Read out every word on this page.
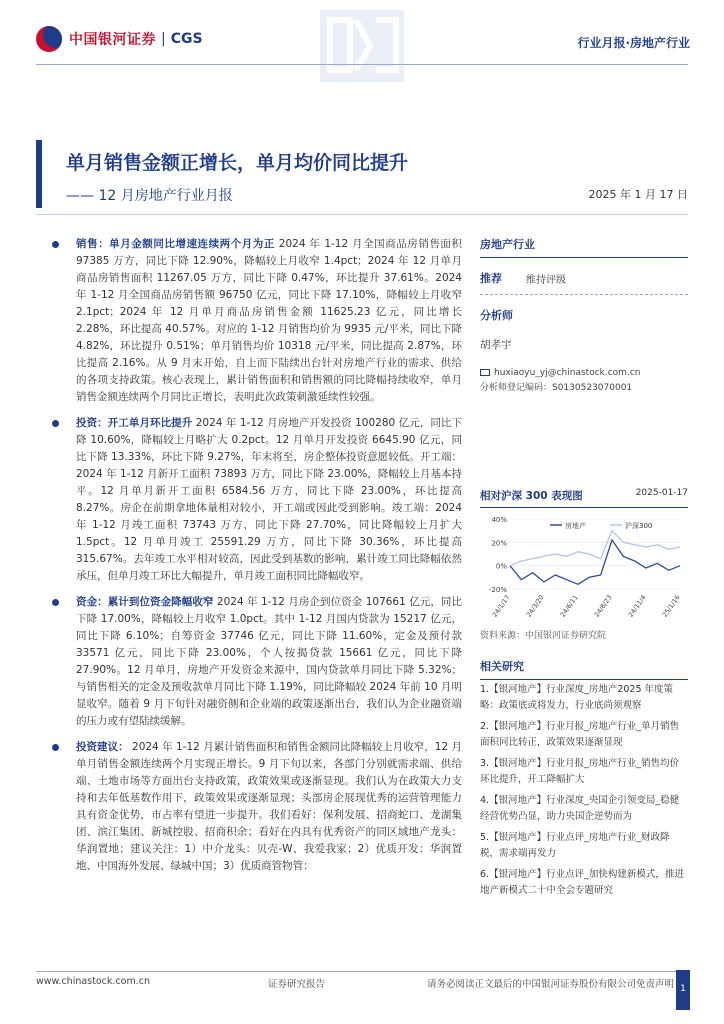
中国银河证券 | CGS	行业月报·房地产行业
单月销售金额正增长，单月均价同比提升
—— 12 月房地产行业月报	2025 年 1 月 17 日
销售：单月金额同比增速连续两个月为正 2024 年 1-12 月全国商品房销售面积 97385 万方，同比下降 12.90%，降幅较上月收窄 1.4pct；2024 年 12 月单月商品房销售面积 11267.05 万方，同比下降 0.47%，环比提升 37.61%。2024 年 1-12 月全国商品房销售额 96750 亿元，同比下降 17.10%，降幅较上月收窄 2.1pct；2024 年 12 月单月商品房销售金额 11625.23 亿元，同比增长 2.28%，环比提高 40.57%。对应的 1-12 月销售均价为 9935 元/平米，同比下降 4.82%，环比提升 0.51%；单月销售均价 10318 元/平米，同比提高 2.87%，环比提高 2.16%。从 9 月末开始，自上而下陆续出台针对房地产行业的需求、供给的各项支持政策。核心表现上，累计销售面积和销售额的同比降幅持续收窄，单月销售金额连续两个月同比正增长，表明此次政策刺激延续性较强。
投资：开工单月环比提升 2024 年 1-12 月房地产开发投资 100280 亿元，同比下降 10.60%，降幅较上月略扩大 0.2pct。12 月单月开发投资 6645.90 亿元，同比下降 13.33%，环比下降 9.27%，年末将至，房企整体投资意愿较低。开工端：2024 年 1-12 月新开工面积 73893 万方，同比下降 23.00%，降幅较上月基本持平。12 月单月新开工面积 6584.56 万方，同比下降 23.00%，环比提高 8.27%。房企在前期拿地体量相对较小，开工端或因此受到影响。竣工端：2024 年 1-12 月竣工面积 73743 万方，同比下降 27.70%，同比降幅较上月扩大 1.5pct。12 月单月竣工 25591.29 万方，同比下降 30.36%，环比提高 315.67%。去年竣工水平相对较高，因此受到基数的影响，累计竣工同比降幅依然承压，但单月竣工环比大幅提升，单月竣工面积同比降幅收窄。
资金：累计到位资金降幅收窄 2024 年 1-12 月房企到位资金 107661 亿元，同比下降 17.00%，降幅较上月收窄 1.0pct。其中 1-12 月国内贷款为 15217 亿元，同比下降 6.10%；自筹资金 37746 亿元，同比下降 11.60%，定金及预付款 33571 亿元，同比下降 23.00%，个人按揭贷款 15661 亿元，同比下降 27.90%。12 月单月，房地产开发资金来源中，国内贷款单月同比下降 5.32%；与销售相关的定金及预收款单月同比下降 1.19%，同比降幅较 2024 年前 10 月明显收窄。随着 9 月下旬针对融资侧和企业端的政策逐渐出台，我们认为企业融资端的压力或有望陆续缓解。
投资建议： 2024 年 1-12 月累计销售面积和销售金额同比降幅较上月收窄，12 月单月销售金额连续两个月实现正增长。9 月下旬以来，各部门分别就需求端、供给端、土地市场等方面出台支持政策，政策效果或逐渐显现。我们认为在政策大力支持和去年低基数作用下，政策效果或逐渐显现；头部房企展现优秀的运营管理能力具有资金优势，市占率有望进一步提升。我们看好：保利发展、招商蛇口、龙湖集团、滨江集团、新城控股、招商积余；看好在内具有优秀资产的同区域地产龙头：华润置地；建议关注：1）中介龙头：贝壳-W、我爱我家；2）优质开发：华润置地、中国海外发展、绿城中国；3）优质商管物管：
房地产行业
推荐	维持评级
分析师
胡孝宇
huxiaoyu_yj@chinastock.com.cn
分析师登记编码：S0130523070001
相对沪深 300 表现图	2025-01-17
40%
20%
0%
-20%
24/1/17 24/3/20 24/6/11 24/8/23 24/11/4 25/1/16
房地产	沪深300
资料来源：中国银河证券研究院
相关研究
1.【银河地产】行业深度_房地产2025 年度策略：政策底或将发力，行业底尚须观察
2.【银河地产】行业月报_房地产行业_单月销售面积同比转正，政策效果逐渐显现
3.【银河地产】行业月报_房地产行业_销售均价环比提升，开工降幅扩大
4.【银河地产】行业深度_央国企引领变局_稳健经营优势凸显，助力央国企逆势而为
5.【银河地产】行业点评_房地产行业_财政降税，需求端再发力
6.【银河地产】行业点评_加快构建新模式，推进地产新模式二十中全会专题研究
www.chinastock.com.cn	证券研究报告	请务必阅读正文最后的中国银河证券股份有限公司免责声明 1
